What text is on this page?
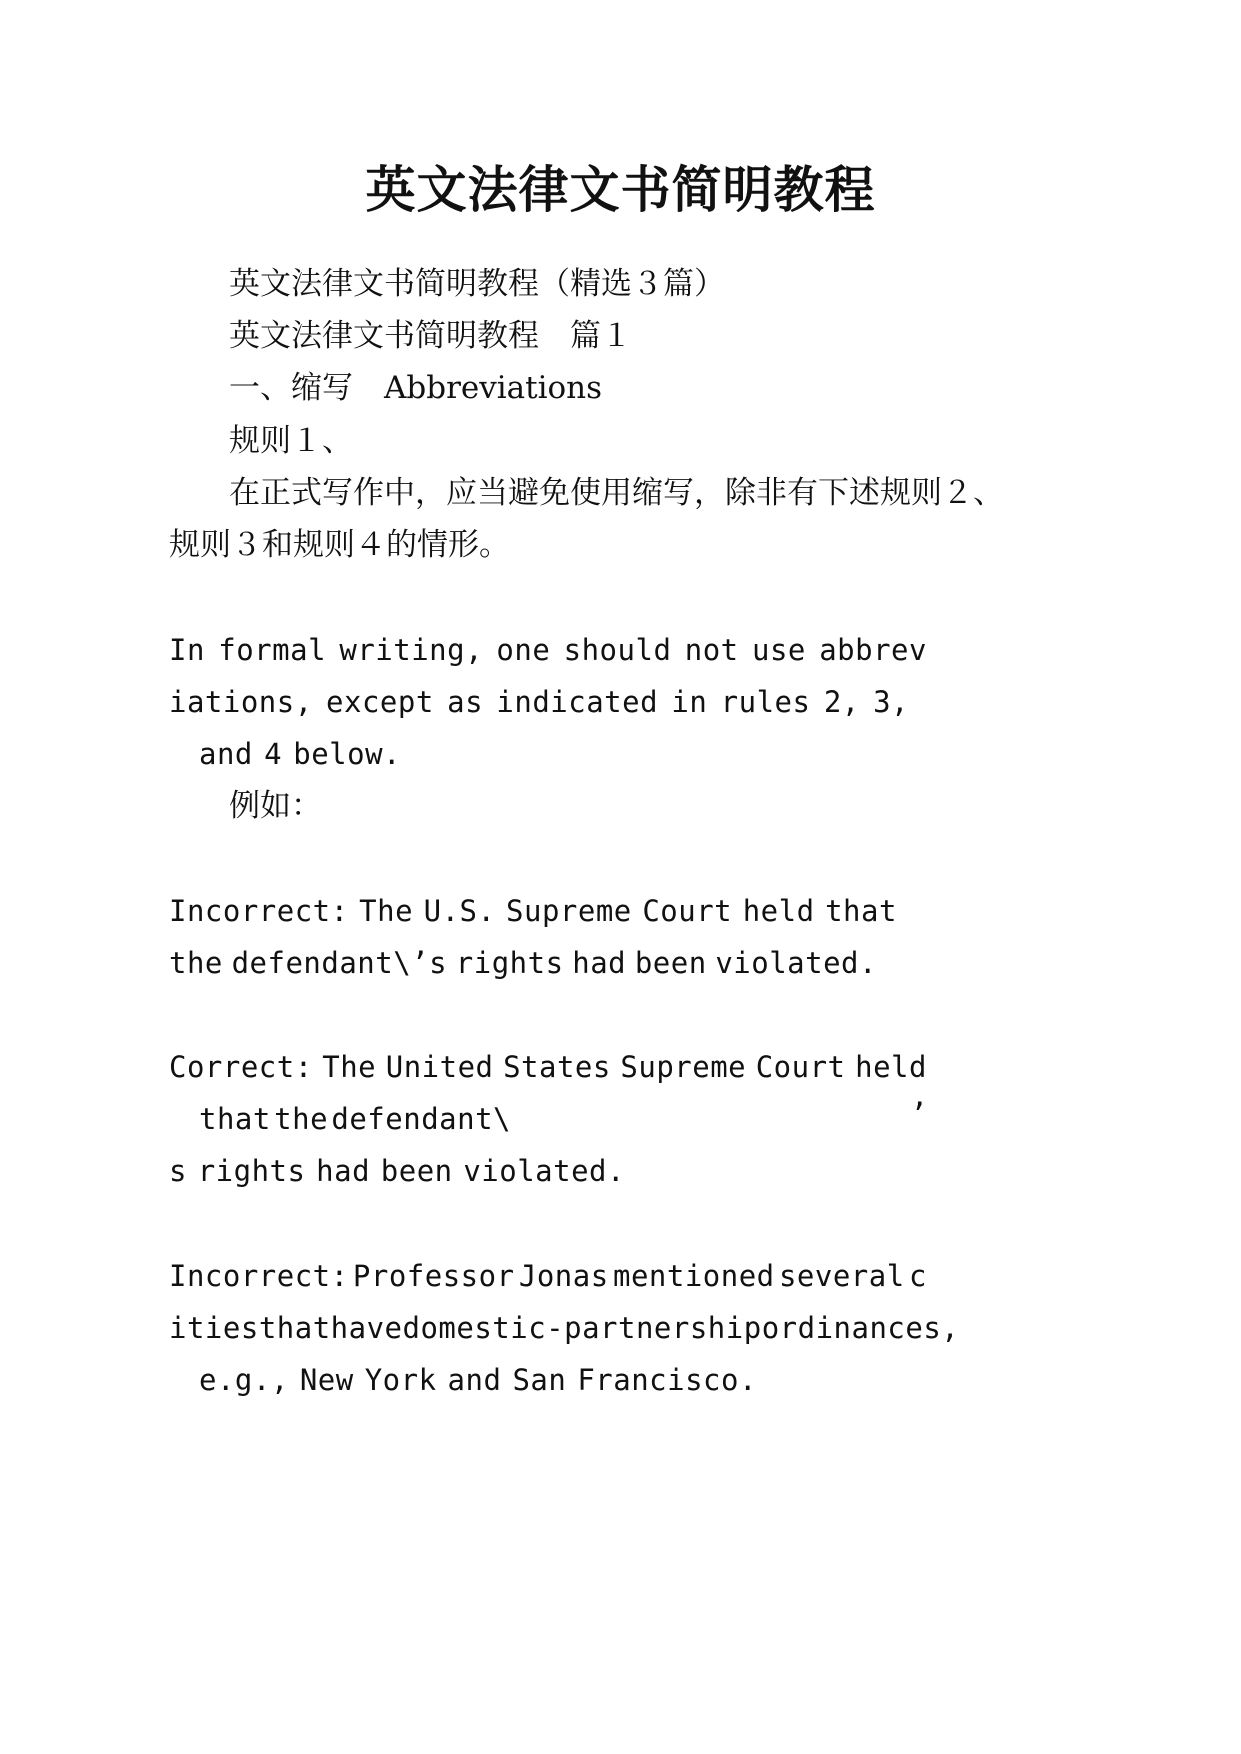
英文法律文书简明教程
英文法律文书简明教程（精选３篇）
英文法律文书简明教程　篇１
一、缩写　Abbreviations
规则１、
在正式写作中，应当避免使用缩写，除非有下述规则２、
规则３和规则４的情形。
In formal writing, one should not use abbrev
iations, except as indicated in rules 2, 3,
and 4 below.
例如：
Incorrect: The U.S. Supreme Court held that
the defendant\’s rights had been violated.
Correct: The United States Supreme Court held
that the defendant\	’
s rights had been violated.
Incorrect: Professor Jonas mentioned several c
ities that have domestic-partnership ordinances,
e.g., New York and San Francisco.
